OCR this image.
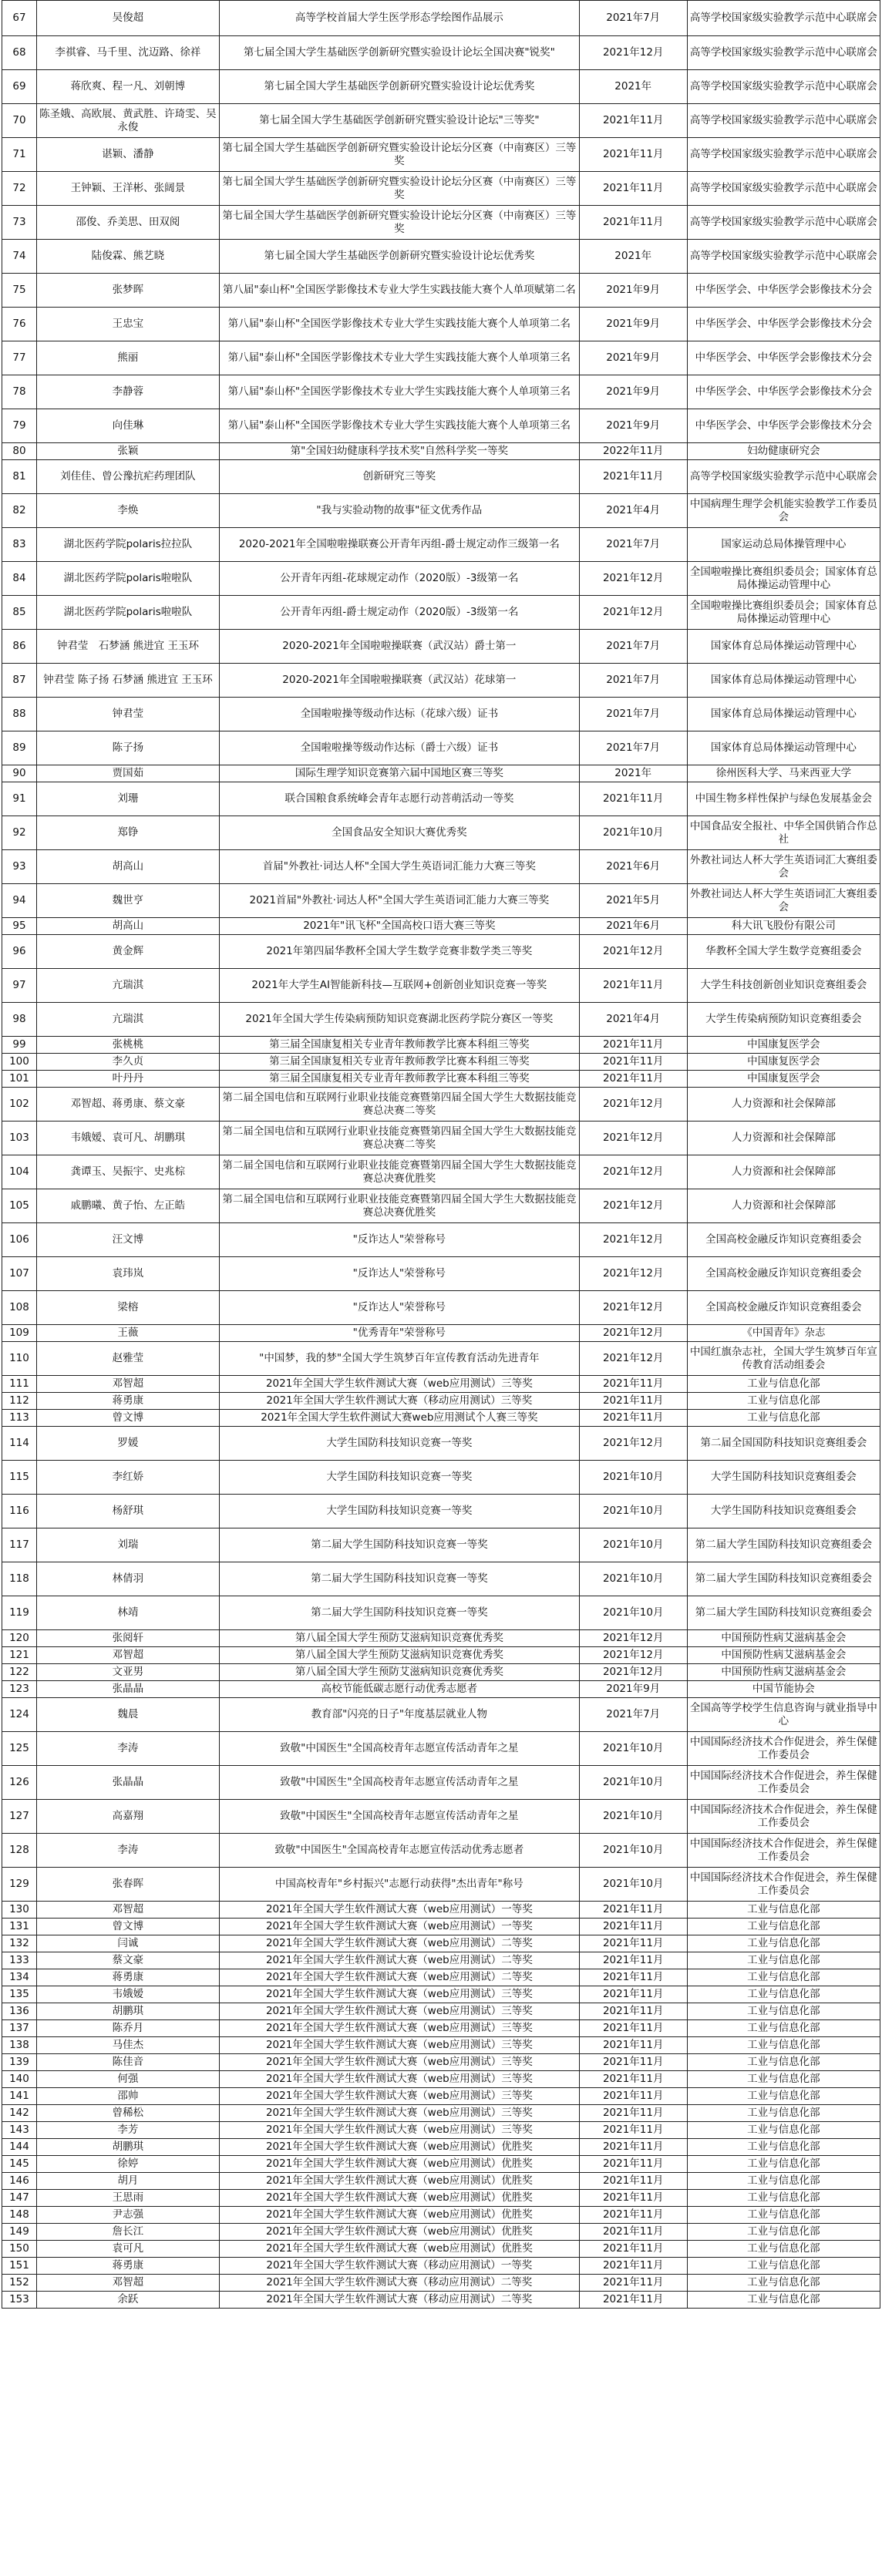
67	吴俊超	高等学校首届大学生医学形态学绘图作品展示	2021年7月	高等学校国家级实验教学示范中心联席会
68	李祺睿、马千里、沈迈路、徐祥	第七届全国大学生基础医学创新研究暨实验设计论坛全国决赛"锐奖"	2021年12月	高等学校国家级实验教学示范中心联席会
69	蒋欣爽、程一凡、刘朝博	第七届全国大学生基础医学创新研究暨实验设计论坛优秀奖	2021年	高等学校国家级实验教学示范中心联席会
70	陈圣娥、高欧展、黄武胜、许琦雯、吴永俊	第七届全国大学生基础医学创新研究暨实验设计论坛"三等奖"	2021年11月	高等学校国家级实验教学示范中心联席会
71	谌颖、潘静	第七届全国大学生基础医学创新研究暨实验设计论坛分区赛（中南赛区）三等奖	2021年11月	高等学校国家级实验教学示范中心联席会
72	王钟颖、王洋彬、张阔景	第七届全国大学生基础医学创新研究暨实验设计论坛分区赛（中南赛区）三等奖	2021年11月	高等学校国家级实验教学示范中心联席会
73	邵俊、乔美思、田双阅	第七届全国大学生基础医学创新研究暨实验设计论坛分区赛（中南赛区）三等奖	2021年11月	高等学校国家级实验教学示范中心联席会
74	陆俊霖、熊艺晓	第七届全国大学生基础医学创新研究暨实验设计论坛优秀奖	2021年	高等学校国家级实验教学示范中心联席会
75	张梦晖	第八届"泰山杯"全国医学影像技术专业大学生实践技能大赛个人单项赋第二名	2021年9月	中华医学会、中华医学会影像技术分会
76	王忠宝	第八届"泰山杯"全国医学影像技术专业大学生实践技能大赛个人单项第二名	2021年9月	中华医学会、中华医学会影像技术分会
77	熊丽	第八届"泰山杯"全国医学影像技术专业大学生实践技能大赛个人单项第三名	2021年9月	中华医学会、中华医学会影像技术分会
78	李静蓉	第八届"泰山杯"全国医学影像技术专业大学生实践技能大赛个人单项第三名	2021年9月	中华医学会、中华医学会影像技术分会
79	向佳琳	第八届"泰山杯"全国医学影像技术专业大学生实践技能大赛个人单项第三名	2021年9月	中华医学会、中华医学会影像技术分会
80	张颖	第"全国妇幼健康科学技术奖"自然科学奖一等奖	2022年11月	妇幼健康研究会
81	刘佳佳、曾公豫抗疟药理团队	创新研究三等奖	2021年11月	高等学校国家级实验教学示范中心联席会
82	李焕	"我与实验动物的故事"征文优秀作品	2021年4月	中国病理生理学会机能实验教学工作委员会
83	湖北医药学院polaris拉拉队	2020-2021年全国啦啦操联赛公开青年丙组-爵士规定动作三级第一名	2021年7月	国家运动总局体操管理中心
84	湖北医药学院polaris啦啦队	公开青年丙组-花球规定动作（2020版）-3级第一名	2021年12月	全国啦啦操比赛组织委员会；国家体育总局体操运动管理中心
85	湖北医药学院polaris啦啦队	公开青年丙组-爵士规定动作（2020版）-3级第一名	2021年12月	全国啦啦操比赛组织委员会；国家体育总局体操运动管理中心
86	钟君莹　石梦涵 熊进宜 王玉环	2020-2021年全国啦啦操联赛（武汉站）爵士第一	2021年7月	国家体育总局体操运动管理中心
87	钟君莹 陈子扬 石梦涵 熊进宜 王玉环	2020-2021年全国啦啦操联赛（武汉站）花球第一	2021年7月	国家体育总局体操运动管理中心
88	钟君莹	全国啦啦操等级动作达标（花球六级）证书	2021年7月	国家体育总局体操运动管理中心
89	陈子扬	全国啦啦操等级动作达标（爵士六级）证书	2021年7月	国家体育总局体操运动管理中心
90	贾国茹	国际生理学知识竞赛第六届中国地区赛三等奖	2021年	徐州医科大学、马来西亚大学
91	刘珊	联合国粮食系统峰会青年志愿行动菩萌活动一等奖	2021年11月	中国生物多样性保护与绿色发展基金会
92	郑铮	全国食品安全知识大赛优秀奖	2021年10月	中国食品安全报社、中华全国供销合作总社
93	胡高山	首届"外教社·词达人杯"全国大学生英语词汇能力大赛三等奖	2021年6月	外教社词达人杯大学生英语词汇大赛组委会
94	魏世亨	2021首届"外教社·词达人杯"全国大学生英语词汇能力大赛三等奖	2021年5月	外教社词达人杯大学生英语词汇大赛组委会
95	胡高山	2021年"讯飞杯"全国高校口语大赛三等奖	2021年6月	科大讯飞股份有限公司
96	黄金辉	2021年第四届华教杯全国大学生数学竞赛非数学类三等奖	2021年12月	华教杯全国大学生数学竞赛组委会
97	亢瑞淇	2021年大学生AI智能新科技—互联网+创新创业知识竞赛一等奖	2021年11月	大学生科技创新创业知识竞赛组委会
98	亢瑞淇	2021年全国大学生传染病预防知识竞赛湖北医药学院分赛区一等奖	2021年4月	大学生传染病预防知识竞赛组委会
99	张桃桃	第三届全国康复相关专业青年教师教学比赛本科组三等奖	2021年11月	中国康复医学会
100	李久贞	第三届全国康复相关专业青年教师教学比赛本科组三等奖	2021年11月	中国康复医学会
101	叶丹丹	第三届全国康复相关专业青年教师教学比赛本科组三等奖	2021年11月	中国康复医学会
102	邓智超、蒋勇康、蔡文豪	第二届全国电信和互联网行业职业技能竞赛暨第四届全国大学生大数据技能竞赛总决赛二等奖	2021年12月	人力资源和社会保障部
103	韦娥嫒、袁可凡、胡鹏琪	第二届全国电信和互联网行业职业技能竞赛暨第四届全国大学生大数据技能竞赛总决赛二等奖	2021年12月	人力资源和社会保障部
104	龚谭玉、吴振宇、史兆棕	第二届全国电信和互联网行业职业技能竞赛暨第四届全国大学生大数据技能竞赛总决赛优胜奖	2021年12月	人力资源和社会保障部
105	戚鹏曦、黄子怡、左正皓	第二届全国电信和互联网行业职业技能竞赛暨第四届全国大学生大数据技能竞赛总决赛优胜奖	2021年12月	人力资源和社会保障部
106	汪文博	"反诈达人"荣誉称号	2021年12月	全国高校金融反诈知识竞赛组委会
107	袁玮岚	"反诈达人"荣誉称号	2021年12月	全国高校金融反诈知识竞赛组委会
108	梁榕	"反诈达人"荣誉称号	2021年12月	全国高校金融反诈知识竞赛组委会
109	王薇	"优秀青年"荣誉称号	2021年12月	《中国青年》杂志
110	赵雅莹	"中国梦，我的梦"全国大学生筑梦百年宣传教育活动先进青年	2021年12月	中国红旗杂志社，全国大学生筑梦百年宣传教育活动组委会
111	邓智超	2021年全国大学生软件测试大赛（web应用测试）三等奖	2021年11月	工业与信息化部
112	蒋勇康	2021年全国大学生软件测试大赛（移动应用测试）三等奖	2021年11月	工业与信息化部
113	曾文博	2021年全国大学生软件测试大赛web应用测试个人赛三等奖	2021年11月	工业与信息化部
114	罗媛	大学生国防科技知识竞赛一等奖	2021年12月	第二届全国国防科技知识竞赛组委会
115	李红娇	大学生国防科技知识竞赛一等奖	2021年10月	大学生国防科技知识竞赛组委会
116	杨舒琪	大学生国防科技知识竞赛一等奖	2021年10月	大学生国防科技知识竞赛组委会
117	刘瑞	第二届大学生国防科技知识竞赛一等奖	2021年10月	第二届大学生国防科技知识竞赛组委会
118	林倩羽	第二届大学生国防科技知识竞赛一等奖	2021年10月	第二届大学生国防科技知识竞赛组委会
119	林靖	第二届大学生国防科技知识竞赛一等奖	2021年10月	第二届大学生国防科技知识竞赛组委会
120	张阅轩	第八届全国大学生预防艾滋病知识竞赛优秀奖	2021年12月	中国预防性病艾滋病基金会
121	邓智超	第八届全国大学生预防艾滋病知识竞赛优秀奖	2021年12月	中国预防性病艾滋病基金会
122	文亚男	第八届全国大学生预防艾滋病知识竞赛优秀奖	2021年12月	中国预防性病艾滋病基金会
123	张晶晶	高校节能低碳志愿行动优秀志愿者	2021年9月	中国节能协会
124	魏晨	教育部"闪亮的日子"年度基层就业人物	2021年7月	全国高等学校学生信息咨询与就业指导中心
125	李涛	致敬"中国医生"全国高校青年志愿宣传活动青年之星	2021年10月	中国国际经济技术合作促进会，养生保健工作委员会
126	张晶晶	致敬"中国医生"全国高校青年志愿宣传活动青年之星	2021年10月	中国国际经济技术合作促进会，养生保健工作委员会
127	高嘉翔	致敬"中国医生"全国高校青年志愿宣传活动青年之星	2021年10月	中国国际经济技术合作促进会，养生保健工作委员会
128	李涛	致敬"中国医生"全国高校青年志愿宣传活动优秀志愿者	2021年10月	中国国际经济技术合作促进会，养生保健工作委员会
129	张春晖	中国高校青年"乡村振兴"志愿行动获得"杰出青年"称号	2021年10月	中国国际经济技术合作促进会，养生保健工作委员会
130	邓智超	2021年全国大学生软件测试大赛（web应用测试）一等奖	2021年11月	工业与信息化部
131	曾文博	2021年全国大学生软件测试大赛（web应用测试）一等奖	2021年11月	工业与信息化部
132	闫诚	2021年全国大学生软件测试大赛（web应用测试）二等奖	2021年11月	工业与信息化部
133	蔡文豪	2021年全国大学生软件测试大赛（web应用测试）二等奖	2021年11月	工业与信息化部
134	蒋勇康	2021年全国大学生软件测试大赛（web应用测试）二等奖	2021年11月	工业与信息化部
135	韦娥嫒	2021年全国大学生软件测试大赛（web应用测试）三等奖	2021年11月	工业与信息化部
136	胡鹏琪	2021年全国大学生软件测试大赛（web应用测试）三等奖	2021年11月	工业与信息化部
137	陈乔月	2021年全国大学生软件测试大赛（web应用测试）三等奖	2021年11月	工业与信息化部
138	马佳杰	2021年全国大学生软件测试大赛（web应用测试）三等奖	2021年11月	工业与信息化部
139	陈佳音	2021年全国大学生软件测试大赛（web应用测试）三等奖	2021年11月	工业与信息化部
140	何强	2021年全国大学生软件测试大赛（web应用测试）三等奖	2021年11月	工业与信息化部
141	邵帅	2021年全国大学生软件测试大赛（web应用测试）三等奖	2021年11月	工业与信息化部
142	曾稀松	2021年全国大学生软件测试大赛（web应用测试）三等奖	2021年11月	工业与信息化部
143	李芳	2021年全国大学生软件测试大赛（web应用测试）三等奖	2021年11月	工业与信息化部
144	胡鹏琪	2021年全国大学生软件测试大赛（web应用测试）优胜奖	2021年11月	工业与信息化部
145	徐婷	2021年全国大学生软件测试大赛（web应用测试）优胜奖	2021年11月	工业与信息化部
146	胡月	2021年全国大学生软件测试大赛（web应用测试）优胜奖	2021年11月	工业与信息化部
147	王思雨	2021年全国大学生软件测试大赛（web应用测试）优胜奖	2021年11月	工业与信息化部
148	尹志强	2021年全国大学生软件测试大赛（web应用测试）优胜奖	2021年11月	工业与信息化部
149	詹长江	2021年全国大学生软件测试大赛（web应用测试）优胜奖	2021年11月	工业与信息化部
150	袁可凡	2021年全国大学生软件测试大赛（web应用测试）优胜奖	2021年11月	工业与信息化部
151	蒋勇康	2021年全国大学生软件测试大赛（移动应用测试）一等奖	2021年11月	工业与信息化部
152	邓智超	2021年全国大学生软件测试大赛（移动应用测试）二等奖	2021年11月	工业与信息化部
153	余跃	2021年全国大学生软件测试大赛（移动应用测试）二等奖	2021年11月	工业与信息化部
